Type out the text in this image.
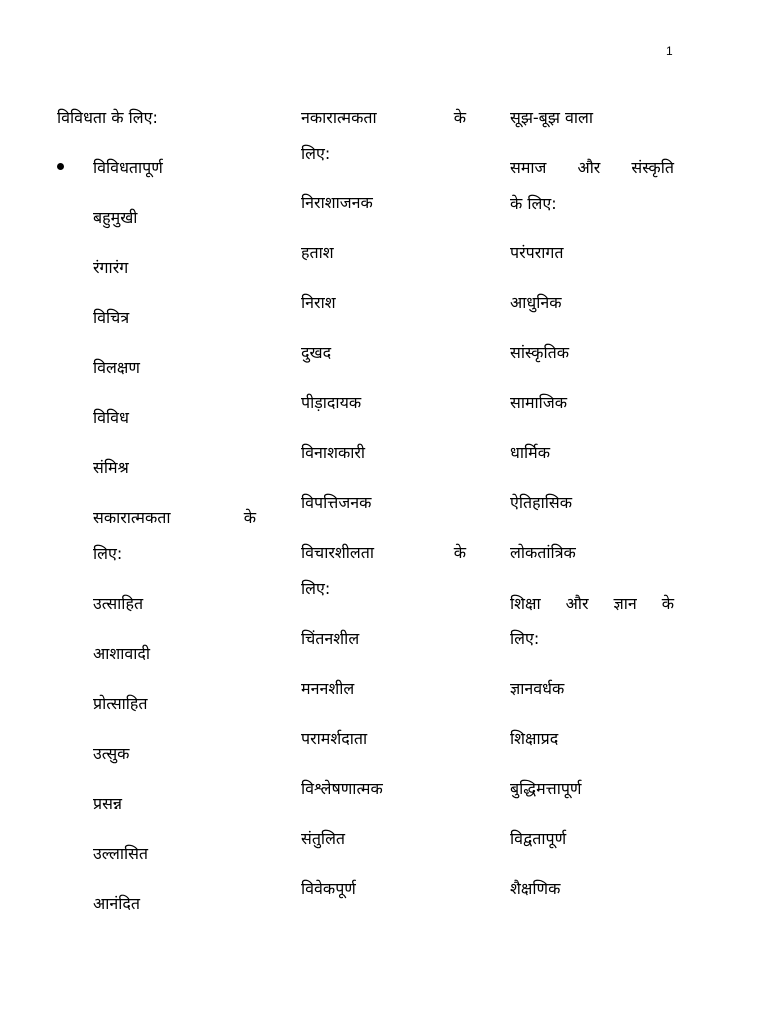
1
विविधता के लिए:
विविधतापूर्ण
बहुमुखी
रंगारंग
विचित्र
विलक्षण
विविध
संमिश्र
सकारात्मकता	के
लिए:
उत्साहित
आशावादी
प्रोत्साहित
उत्सुक
प्रसन्न
उल्लासित
आनंदित
नकारात्मकता	के
लिए:
निराशाजनक
हताश
निराश
दुखद
पीड़ादायक
विनाशकारी
विपत्तिजनक
विचारशीलता	के
लिए:
चिंतनशील
मननशील
परामर्शदाता
विश्लेषणात्मक
संतुलित
विवेकपूर्ण
सूझ-बूझ वाला
समाज और संस्कृति
के लिए:
परंपरागत
आधुनिक
सांस्कृतिक
सामाजिक
धार्मिक
ऐतिहासिक
लोकतांत्रिक
शिक्षा और ज्ञान के
लिए:
ज्ञानवर्धक
शिक्षाप्रद
बुद्धिमत्तापूर्ण
विद्वतापूर्ण
शैक्षणिक
